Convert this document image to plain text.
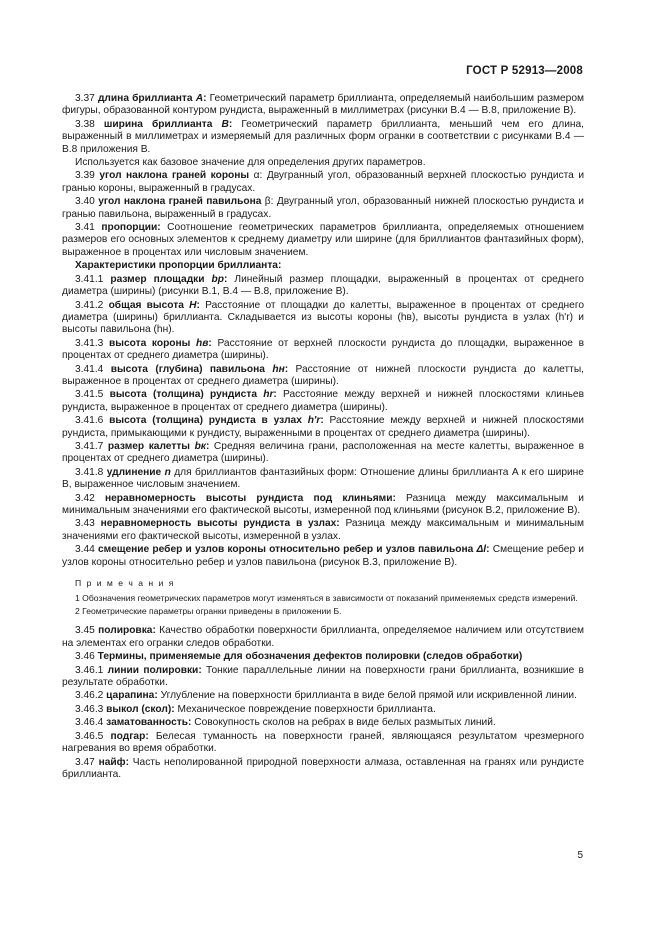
ГОСТ Р 52913—2008

3.37 длина бриллианта A: Геометрический параметр бриллианта, определяемый наибольшим размером фигуры, образованной контуром рундиста, выраженный в миллиметрах (рисунки В.4 — В.8, приложение В).

3.38 ширина бриллианта B: Геометрический параметр бриллианта, меньший чем его длина, выраженный в миллиметрах и измеряемый для различных форм огранки в соответствии с рисунками В.4 — В.8 приложения В.

Используется как базовое значение для определения других параметров.

3.39 угол наклона граней короны α: Двугранный угол, образованный верхней плоскостью рундиста и гранью короны, выраженный в градусах.

3.40 угол наклона граней павильона β: Двугранный угол, образованный нижней плоскостью рундиста и гранью павильона, выраженный в градусах.

3.41 пропорции: Соотношение геометрических параметров бриллианта, определяемых отношением размеров его основных элементов к среднему диаметру или ширине (для бриллиантов фантазийных форм), выраженное в процентах или числовым значением.

Характеристики пропорции бриллианта:

3.41.1 размер площадки bp: Линейный размер площадки, выраженный в процентах от среднего диаметра (ширины) (рисунки В.1, В.4 — В.8, приложение В).

3.41.2 общая высота H: Расстояние от площадки до калетты, выраженное в процентах от среднего диаметра (ширины) бриллианта. Складывается из высоты короны (hв), высоты рундиста в узлах (h'r) и высоты павильона (hн).

3.41.3 высота короны hв: Расстояние от верхней плоскости рундиста до площадки, выраженное в процентах от среднего диаметра (ширины).

3.41.4 высота (глубина) павильона hн: Расстояние от нижней плоскости рундиста до калетты, выраженное в процентах от среднего диаметра (ширины).

3.41.5 высота (толщина) рундиста hr: Расстояние между верхней и нижней плоскостями клиньев рундиста, выраженное в процентах от среднего диаметра (ширины).

3.41.6 высота (толщина) рундиста в узлах h'r: Расстояние между верхней и нижней плоскостями рундиста, примыкающими к рундисту, выраженными в процентах от среднего диаметра (ширины).

3.41.7 размер калетты bк: Средняя величина грани, расположенная на месте калетты, выраженное в процентах от среднего диаметра (ширины).

3.41.8 удлинение n для бриллиантов фантазийных форм: Отношение длины бриллианта A к его ширине B, выраженное числовым значением.

3.42 неравномерность высоты рундиста под клиньями: Разница между максимальным и минимальным значениями его фактической высоты, измеренной под клиньями (рисунок В.2, приложение В).

3.43 неравномерность высоты рундиста в узлах: Разница между максимальным и минимальным значениями его фактической высоты, измеренной в узлах.

3.44 смещение ребер и узлов короны относительно ребер и узлов павильона Δl: Смещение ребер и узлов короны относительно ребер и узлов павильона (рисунок В.3, приложение В).

П р и м е ч а н и я

1 Обозначения геометрических параметров могут изменяться в зависимости от показаний применяемых средств измерений.

2 Геометрические параметры огранки приведены в приложении Б.

3.45 полировка: Качество обработки поверхности бриллианта, определяемое наличием или отсутствием на элементах его огранки следов обработки.

3.46 Термины, применяемые для обозначения дефектов полировки (следов обработки)

3.46.1 линии полировки: Тонкие параллельные линии на поверхности грани бриллианта, возникшие в результате обработки.

3.46.2 царапина: Углубление на поверхности бриллианта в виде белой прямой или искривленной линии.

3.46.3 выкол (скол): Механическое повреждение поверхности бриллианта.

3.46.4 заматованность: Совокупность сколов на ребрах в виде белых размытых линий.

3.46.5 подгар: Белесая туманность на поверхности граней, являющаяся результатом чрезмерного нагревания во время обработки.

3.47 найф: Часть неполированной природной поверхности алмаза, оставленная на гранях или рундисте бриллианта.

5
